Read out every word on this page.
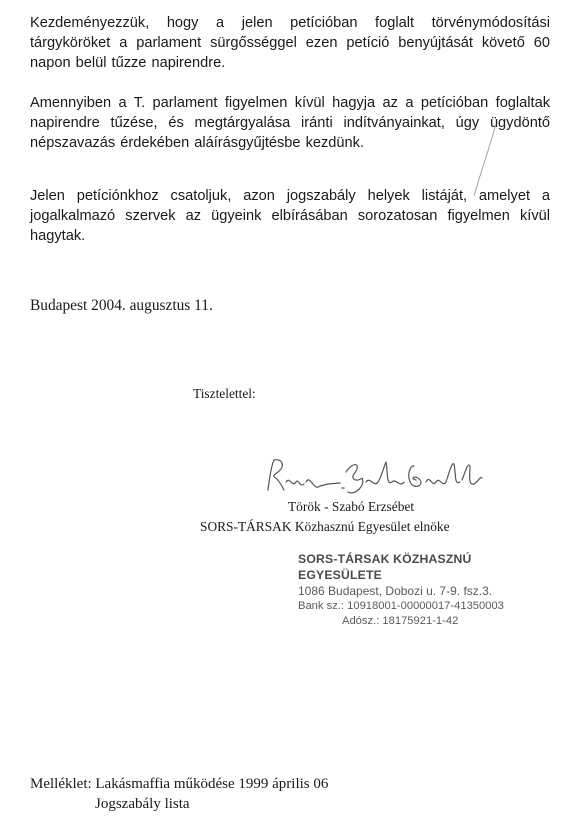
Kezdeményezzük, hogy a jelen petícióban foglalt törvénymódosítási tárgyköröket a parlament sürgősséggel ezen petíció benyújtását követő 60 napon belül tűzze napirendre.

Amennyiben a T. parlament figyelmen kívül hagyja az a petícióban foglaltak napirendre tűzése, és megtárgyalása iránti indítványainkat, úgy ügydöntő népszavazás érdekében aláírásgyűjtésbe kezdünk.

Jelen petíciónkhoz csatoljuk, azon jogszabály helyek listáját, amelyet a jogalkalmazó szervek az ügyeink elbírásában sorozatosan figyelmen kívül hagytak.

Budapest 2004. augusztus 11.

Tisztelettel:
Török - Szabó Erzsébet
SORS-TÁRSAK Közhasznú Egyesület elnöke
SORS-TÁRSAK KÖZHASZNÚ EGYESÜLETE
1086 Budapest, Dobozi u. 7-9. fsz.3.
Bank sz.: 10918001-00000017-41350003
Adósz.: 18175921-1-42
Melléklet: Lakásmaffia működése 1999 április 06
Jogszabály lista
